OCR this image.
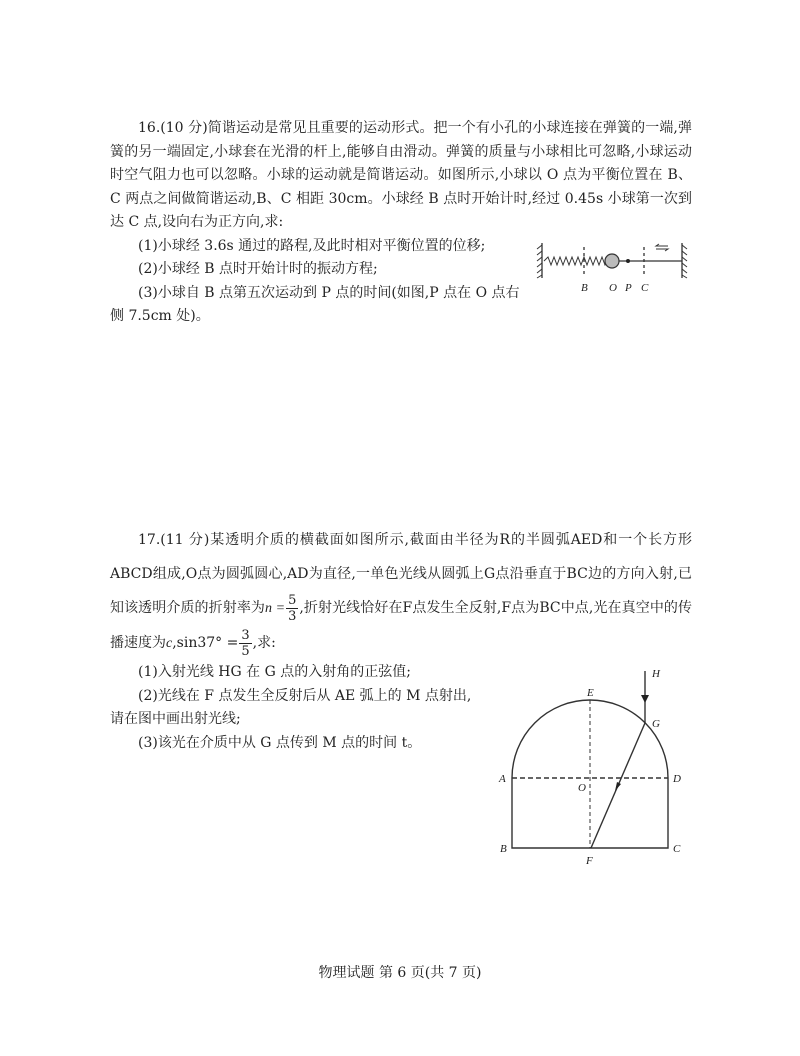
16.(10 分)简谐运动是常见且重要的运动形式。把一个有小孔的小球连接在弹簧的一端,弹簧的另一端固定,小球套在光滑的杆上,能够自由滑动。弹簧的质量与小球相比可忽略,小球运动时空气阻力也可以忽略。小球的运动就是简谐运动。如图所示,小球以 O 点为平衡位置在 B、C 两点之间做简谐运动,B、C 相距 30cm。小球经 B 点时开始计时,经过 0.45s 小球第一次到达 C 点,设向右为正方向,求:

B O P C
(1)小球经 3.6s 通过的路程,及此时相对平衡位置的位移;
(2)小球经 B 点时开始计时的振动方程;
(3)小球自 B 点第五次运动到 P 点的时间(如图,P 点在 O 点右侧 7.5cm 处)。

17.(11 分)某透明介质的横截面如图所示,截面由半径为R的半圆弧AED和一个长方形ABCD组成,O点为圆弧圆心,AD为直径,一单色光线从圆弧上G点沿垂直于BC边的方向入射,已知该透明介质的折射率为$n = \frac{5}{3}$ ,折射光线恰好在F点发生全反射,F点为BC中点,光在真空中的传播速度为$c,\sin 37^\circ = \frac{3}{5}$ ,求:

H
E
G
A	D
O
B	C
F
(1)入射光线 HG 在 G 点的入射角的正弦值;
(2)光线在 F 点发生全反射后从 AE 弧上的 M 点射出,请在图中画出射光线;
(3)该光在介质中从 G 点传到 M 点的时间 t。
物理试题 第 6 页(共 7 页)
